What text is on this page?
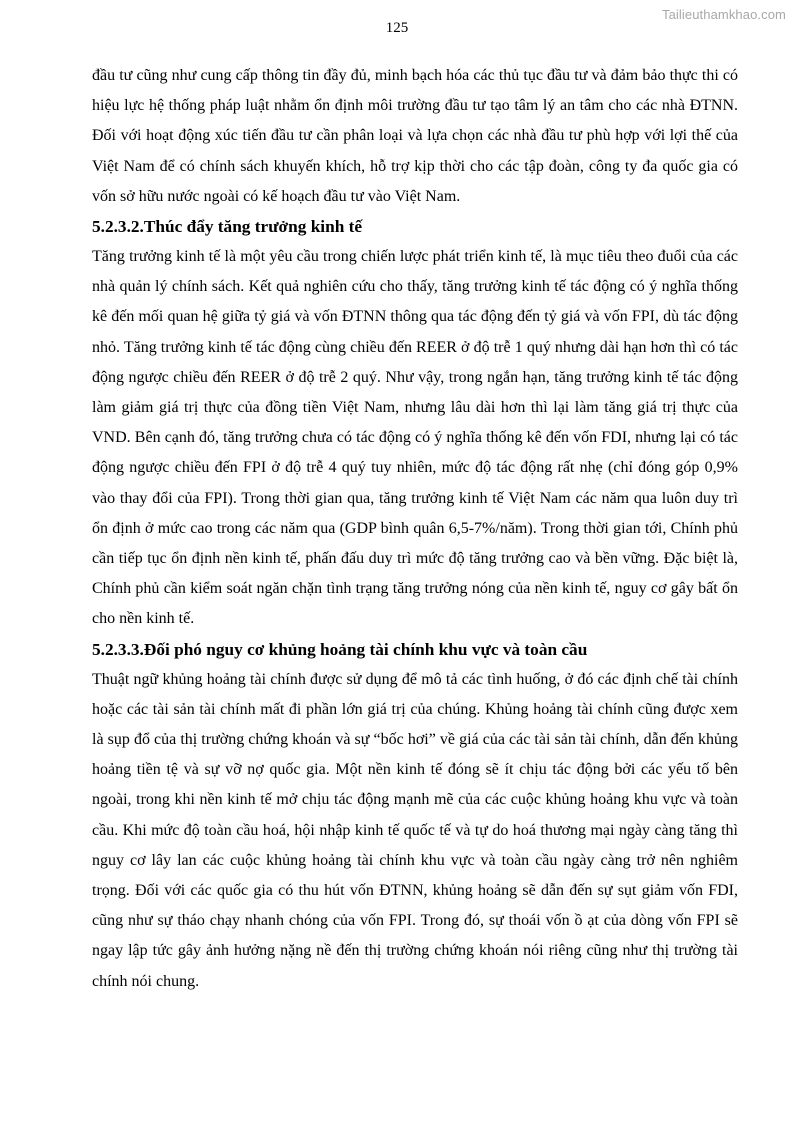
Tailieuthamkhao.com
125

đầu tư cũng như cung cấp thông tin đầy đủ, minh bạch hóa các thủ tục đầu tư và đảm bảo thực thi có hiệu lực hệ thống pháp luật nhằm ổn định môi trường đầu tư tạo tâm lý an tâm cho các nhà ĐTNN. Đối với hoạt động xúc tiến đầu tư cần phân loại và lựa chọn các nhà đầu tư phù hợp với lợi thế của Việt Nam để có chính sách khuyến khích, hỗ trợ kịp thời cho các tập đoàn, công ty đa quốc gia có vốn sở hữu nước ngoài có kế hoạch đầu tư vào Việt Nam.

5.2.3.2.Thúc đẩy tăng trưởng kinh tế

Tăng trưởng kinh tế là một yêu cầu trong chiến lược phát triển kinh tế, là mục tiêu theo đuổi của các nhà quản lý chính sách. Kết quả nghiên cứu cho thấy, tăng trưởng kinh tế tác động có ý nghĩa thống kê đến mối quan hệ giữa tỷ giá và vốn ĐTNN thông qua tác động đến tỷ giá và vốn FPI, dù tác động nhỏ. Tăng trưởng kinh tế tác động cùng chiều đến REER ở độ trễ 1 quý nhưng dài hạn hơn thì có tác động ngược chiều đến REER ở độ trễ 2 quý. Như vậy, trong ngắn hạn, tăng trưởng kinh tế tác động làm giảm giá trị thực của đồng tiền Việt Nam, nhưng lâu dài hơn thì lại làm tăng giá trị thực của VND. Bên cạnh đó, tăng trưởng chưa có tác động có ý nghĩa thống kê đến vốn FDI, nhưng lại có tác động ngược chiều đến FPI ở độ trễ 4 quý tuy nhiên, mức độ tác động rất nhẹ (chỉ đóng góp 0,9% vào thay đổi của FPI). Trong thời gian qua, tăng trưởng kinh tế Việt Nam các năm qua luôn duy trì ổn định ở mức cao trong các năm qua (GDP bình quân 6,5-7%/năm). Trong thời gian tới, Chính phủ cần tiếp tục ổn định nền kinh tế, phấn đấu duy trì mức độ tăng trưởng cao và bền vững. Đặc biệt là, Chính phủ cần kiểm soát ngăn chặn tình trạng tăng trưởng nóng của nền kinh tế, nguy cơ gây bất ổn cho nền kinh tế.

5.2.3.3.Đối phó nguy cơ khủng hoảng tài chính khu vực và toàn cầu

Thuật ngữ khủng hoảng tài chính được sử dụng để mô tả các tình huống, ở đó các định chế tài chính hoặc các tài sản tài chính mất đi phần lớn giá trị của chúng. Khủng hoảng tài chính cũng được xem là sụp đổ của thị trường chứng khoán và sự “bốc hơi” về giá của các tài sản tài chính, dẫn đến khủng hoảng tiền tệ và sự vỡ nợ quốc gia. Một nền kinh tế đóng sẽ ít chịu tác động bởi các yếu tố bên ngoài, trong khi nền kinh tế mở chịu tác động mạnh mẽ của các cuộc khủng hoảng khu vực và toàn cầu. Khi mức độ toàn cầu hoá, hội nhập kinh tế quốc tế và tự do hoá thương mại ngày càng tăng thì nguy cơ lây lan các cuộc khủng hoảng tài chính khu vực và toàn cầu ngày càng trở nên nghiêm trọng. Đối với các quốc gia có thu hút vốn ĐTNN, khủng hoảng sẽ dẫn đến sự sụt giảm vốn FDI, cũng như sự tháo chạy nhanh chóng của vốn FPI. Trong đó, sự thoái vốn ồ ạt của dòng vốn FPI sẽ ngay lập tức gây ảnh hưởng nặng nề đến thị trường chứng khoán nói riêng cũng như thị trường tài chính nói chung.
